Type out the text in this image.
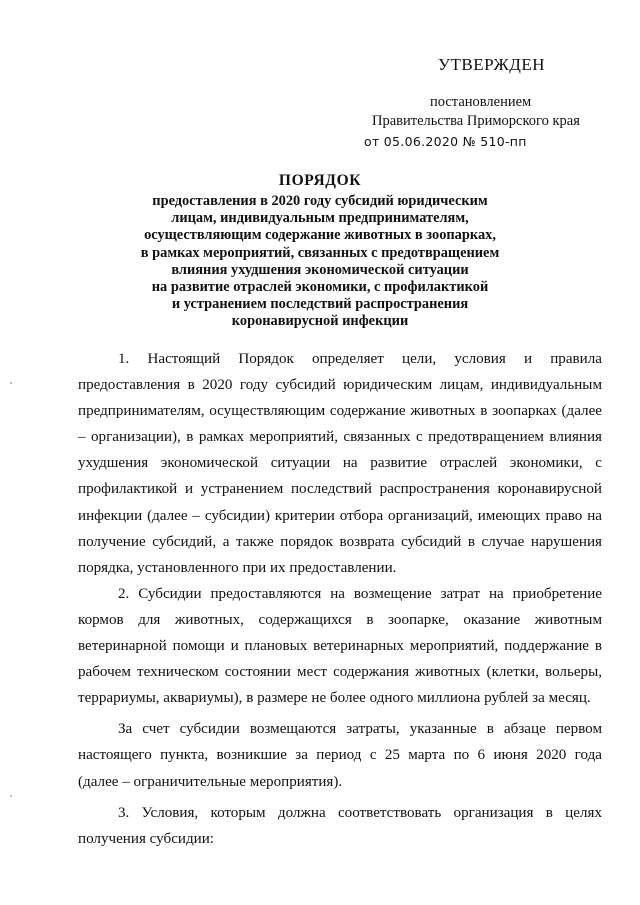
УТВЕРЖДЕН
постановлением
Правительства Приморского края
от 05.06.2020 № 510-пп
ПОРЯДОК
предоставления в 2020 году субсидий юридическим
лицам, индивидуальным предпринимателям,
осуществляющим содержание животных в зоопарках,
в рамках мероприятий, связанных с предотвращением
влияния ухудшения экономической ситуации
на развитие отраслей экономики, с профилактикой
и устранением последствий распространения
коронавирусной инфекции
1. Настоящий Порядок определяет цели, условия и правила
предоставления в 2020 году субсидий юридическим лицам, индивидуальным
предпринимателям, осуществляющим содержание животных в зоопарках (далее
– организации), в рамках мероприятий, связанных с предотвращением влияния
ухудшения экономической ситуации на развитие отраслей экономики, с
профилактикой и устранением последствий распространения коронавирусной
инфекции (далее – субсидии) критерии отбора организаций, имеющих право на
получение субсидий, а также порядок возврата субсидий в случае нарушения
порядка, установленного при их предоставлении.
2. Субсидии предоставляются на возмещение затрат на приобретение
кормов для животных, содержащихся в зоопарке, оказание животным
ветеринарной помощи и плановых ветеринарных мероприятий, поддержание в
рабочем техническом состоянии мест содержания животных (клетки, вольеры,
террариумы, аквариумы), в размере не более одного миллиона рублей за месяц.
За счет субсидии возмещаются затраты, указанные в абзаце первом
настоящего пункта, возникшие за период с 25 марта по 6 июня 2020 года
(далее – ограничительные мероприятия).
3. Условия, которым должна соответствовать организация в целях
получения субсидии:
